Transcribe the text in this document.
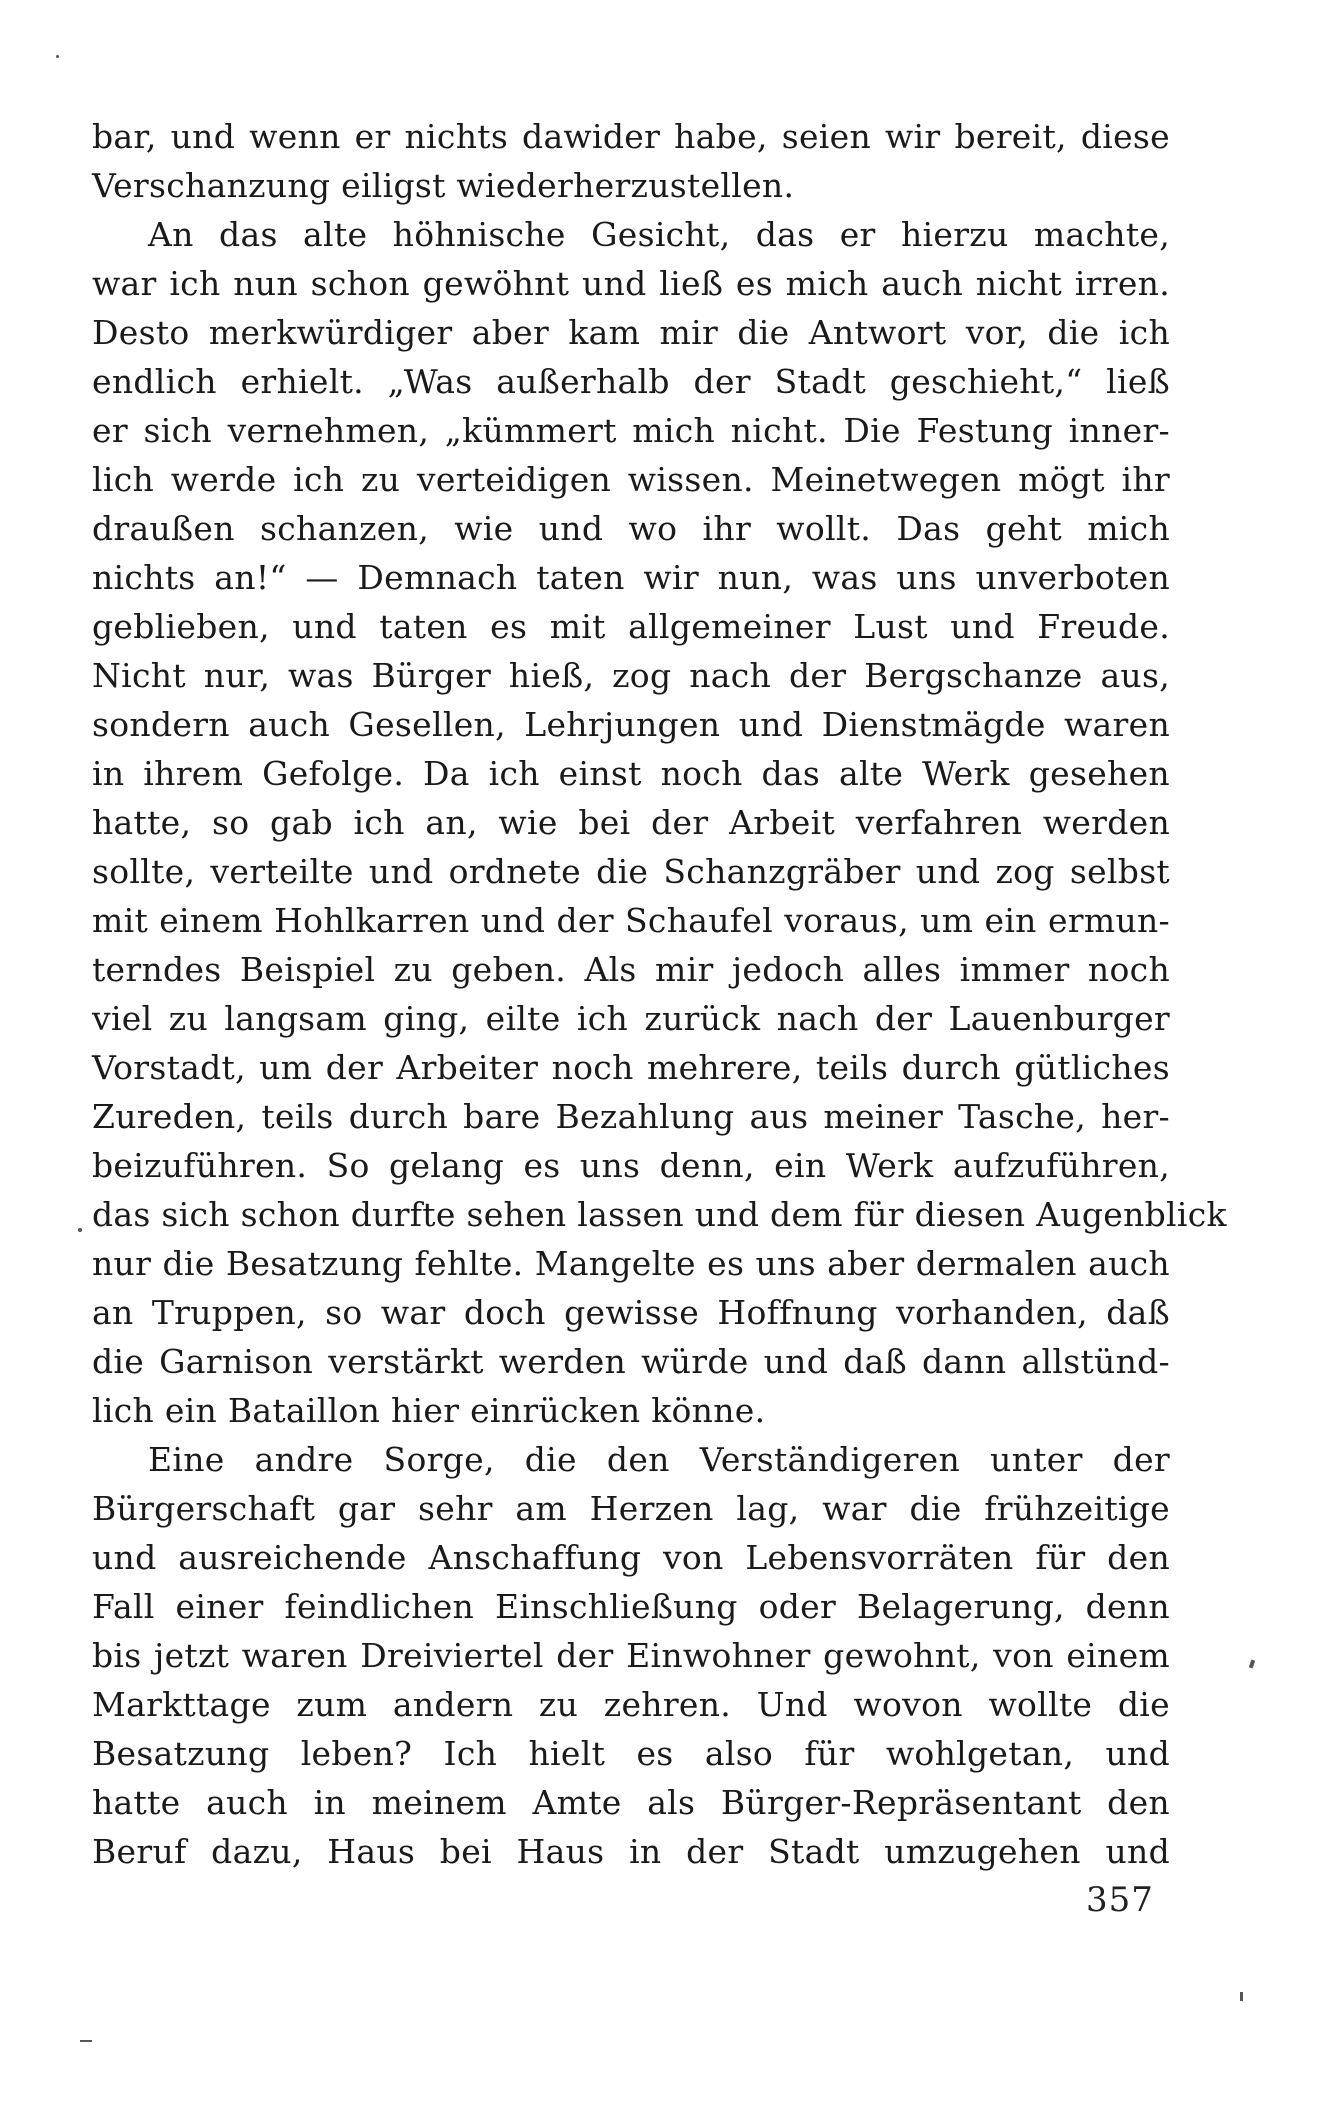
bar, und wenn er nichts dawider habe, seien wir bereit, diese
Verschanzung eiligst wiederherzustellen.
An das alte höhnische Gesicht, das er hierzu machte,
war ich nun schon gewöhnt und ließ es mich auch nicht irren.
Desto merkwürdiger aber kam mir die Antwort vor, die ich
endlich erhielt. „Was außerhalb der Stadt geschieht,“ ließ
er sich vernehmen, „kümmert mich nicht. Die Festung inner-
lich werde ich zu verteidigen wissen. Meinetwegen mögt ihr
draußen schanzen, wie und wo ihr wollt. Das geht mich
nichts an!“ — Demnach taten wir nun, was uns unverboten
geblieben, und taten es mit allgemeiner Lust und Freude.
Nicht nur, was Bürger hieß, zog nach der Bergschanze aus,
sondern auch Gesellen, Lehrjungen und Dienstmägde waren
in ihrem Gefolge. Da ich einst noch das alte Werk gesehen
hatte, so gab ich an, wie bei der Arbeit verfahren werden
sollte, verteilte und ordnete die Schanzgräber und zog selbst
mit einem Hohlkarren und der Schaufel voraus, um ein ermun-
terndes Beispiel zu geben. Als mir jedoch alles immer noch
viel zu langsam ging, eilte ich zurück nach der Lauenburger
Vorstadt, um der Arbeiter noch mehrere, teils durch gütliches
Zureden, teils durch bare Bezahlung aus meiner Tasche, her-
beizuführen. So gelang es uns denn, ein Werk aufzuführen,
das sich schon durfte sehen lassen und dem für diesen Augenblick
nur die Besatzung fehlte. Mangelte es uns aber dermalen auch
an Truppen, so war doch gewisse Hoffnung vorhanden, daß
die Garnison verstärkt werden würde und daß dann allstünd-
lich ein Bataillon hier einrücken könne.
Eine andre Sorge, die den Verständigeren unter der
Bürgerschaft gar sehr am Herzen lag, war die frühzeitige
und ausreichende Anschaffung von Lebensvorräten für den
Fall einer feindlichen Einschließung oder Belagerung, denn
bis jetzt waren Dreiviertel der Einwohner gewohnt, von einem
Markttage zum andern zu zehren. Und wovon wollte die
Besatzung leben? Ich hielt es also für wohlgetan, und
hatte auch in meinem Amte als Bürger-Repräsentant den
Beruf dazu, Haus bei Haus in der Stadt umzugehen und
357
